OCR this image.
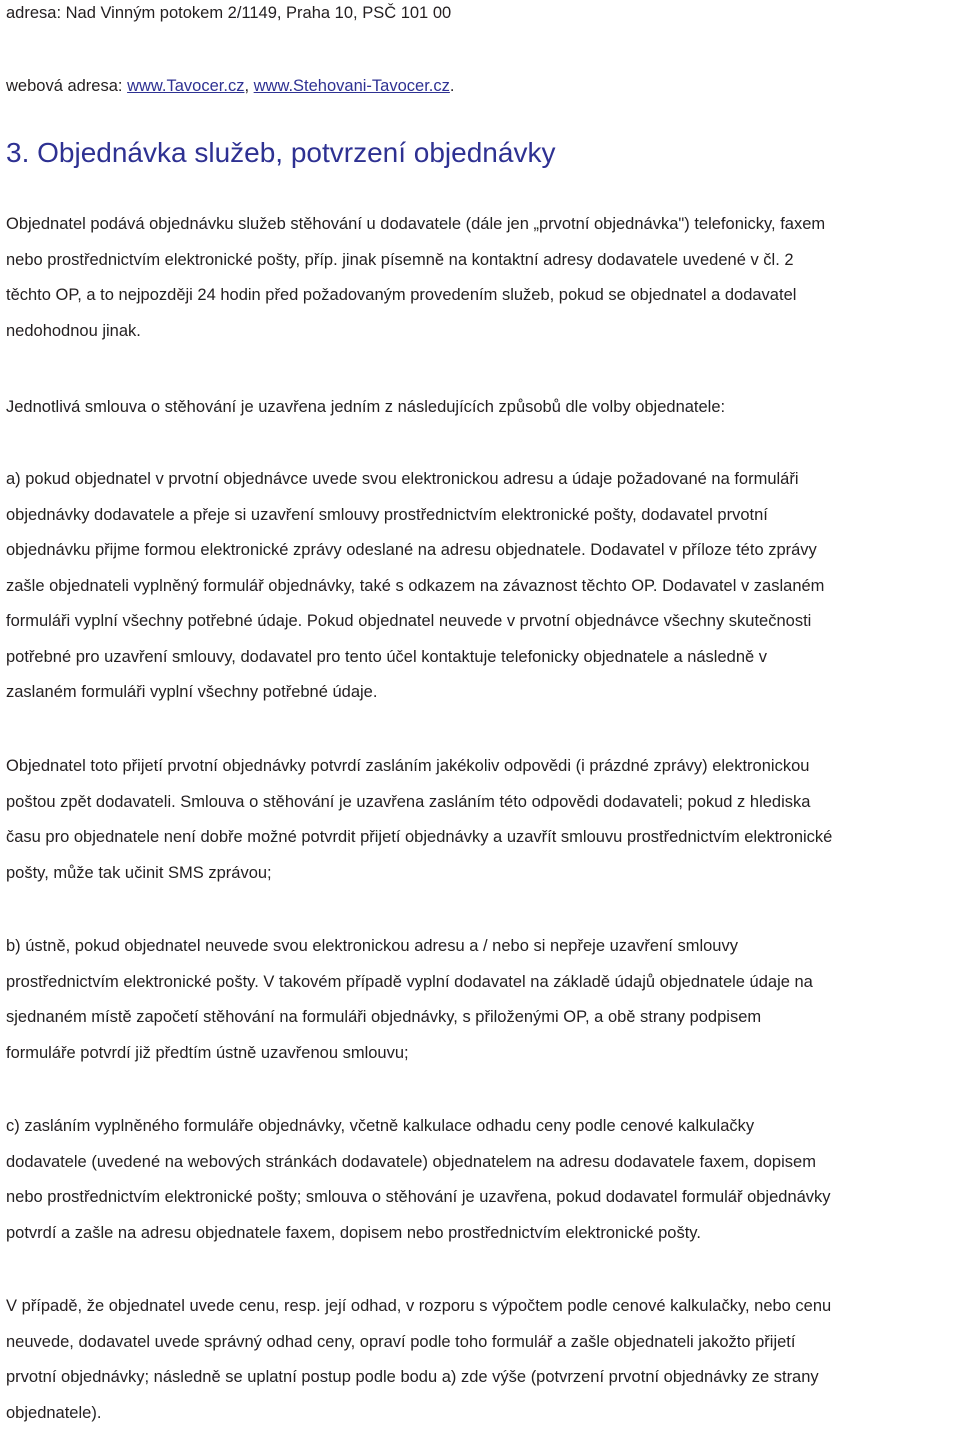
adresa: Nad Vinným potokem 2/1149, Praha 10, PSČ 101 00
webová adresa: www.Tavocer.cz, www.Stehovani-Tavocer.cz.
3. Objednávka služeb, potvrzení objednávky

Objednatel podává objednávku služeb stěhování u dodavatele (dále jen „prvotní objednávka") telefonicky, faxem
nebo prostřednictvím elektronické pošty, příp. jinak písemně na kontaktní adresy dodavatele uvedené v čl. 2
těchto OP, a to nejpozději 24 hodin před požadovaným provedením služeb, pokud se objednatel a dodavatel
nedohodnou jinak.

Jednotlivá smlouva o stěhování je uzavřena jedním z následujících způsobů dle volby objednatele:

a) pokud objednatel v prvotní objednávce uvede svou elektronickou adresu a údaje požadované na formuláři
objednávky dodavatele a přeje si uzavření smlouvy prostřednictvím elektronické pošty, dodavatel prvotní
objednávku přijme formou elektronické zprávy odeslané na adresu objednatele. Dodavatel v příloze této zprávy
zašle objednateli vyplněný formulář objednávky, také s odkazem na závaznost těchto OP. Dodavatel v zaslaném
formuláři vyplní všechny potřebné údaje. Pokud objednatel neuvede v prvotní objednávce všechny skutečnosti
potřebné pro uzavření smlouvy, dodavatel pro tento účel kontaktuje telefonicky objednatele a následně v
zaslaném formuláři vyplní všechny potřebné údaje.

Objednatel toto přijetí prvotní objednávky potvrdí zasláním jakékoliv odpovědi (i prázdné zprávy) elektronickou
poštou zpět dodavateli. Smlouva o stěhování je uzavřena zasláním této odpovědi dodavateli; pokud z hlediska
času pro objednatele není dobře možné potvrdit přijetí objednávky a uzavřít smlouvu prostřednictvím elektronické
pošty, může tak učinit SMS zprávou;

b) ústně, pokud objednatel neuvede svou elektronickou adresu a / nebo si nepřeje uzavření smlouvy
prostřednictvím elektronické pošty. V takovém případě vyplní dodavatel na základě údajů objednatele údaje na
sjednaném místě započetí stěhování na formuláři objednávky, s přiloženými OP, a obě strany podpisem
formuláře potvrdí již předtím ústně uzavřenou smlouvu;

c) zasláním vyplněného formuláře objednávky, včetně kalkulace odhadu ceny podle cenové kalkulačky
dodavatele (uvedené na webových stránkách dodavatele) objednatelem na adresu dodavatele faxem, dopisem
nebo prostřednictvím elektronické pošty; smlouva o stěhování je uzavřena, pokud dodavatel formulář objednávky
potvrdí a zašle na adresu objednatele faxem, dopisem nebo prostřednictvím elektronické pošty.

V případě, že objednatel uvede cenu, resp. její odhad, v rozporu s výpočtem podle cenové kalkulačky, nebo cenu
neuvede, dodavatel uvede správný odhad ceny, opraví podle toho formulář a zašle objednateli jakožto přijetí
prvotní objednávky; následně se uplatní postup podle bodu a) zde výše (potvrzení prvotní objednávky ze strany
objednatele).
